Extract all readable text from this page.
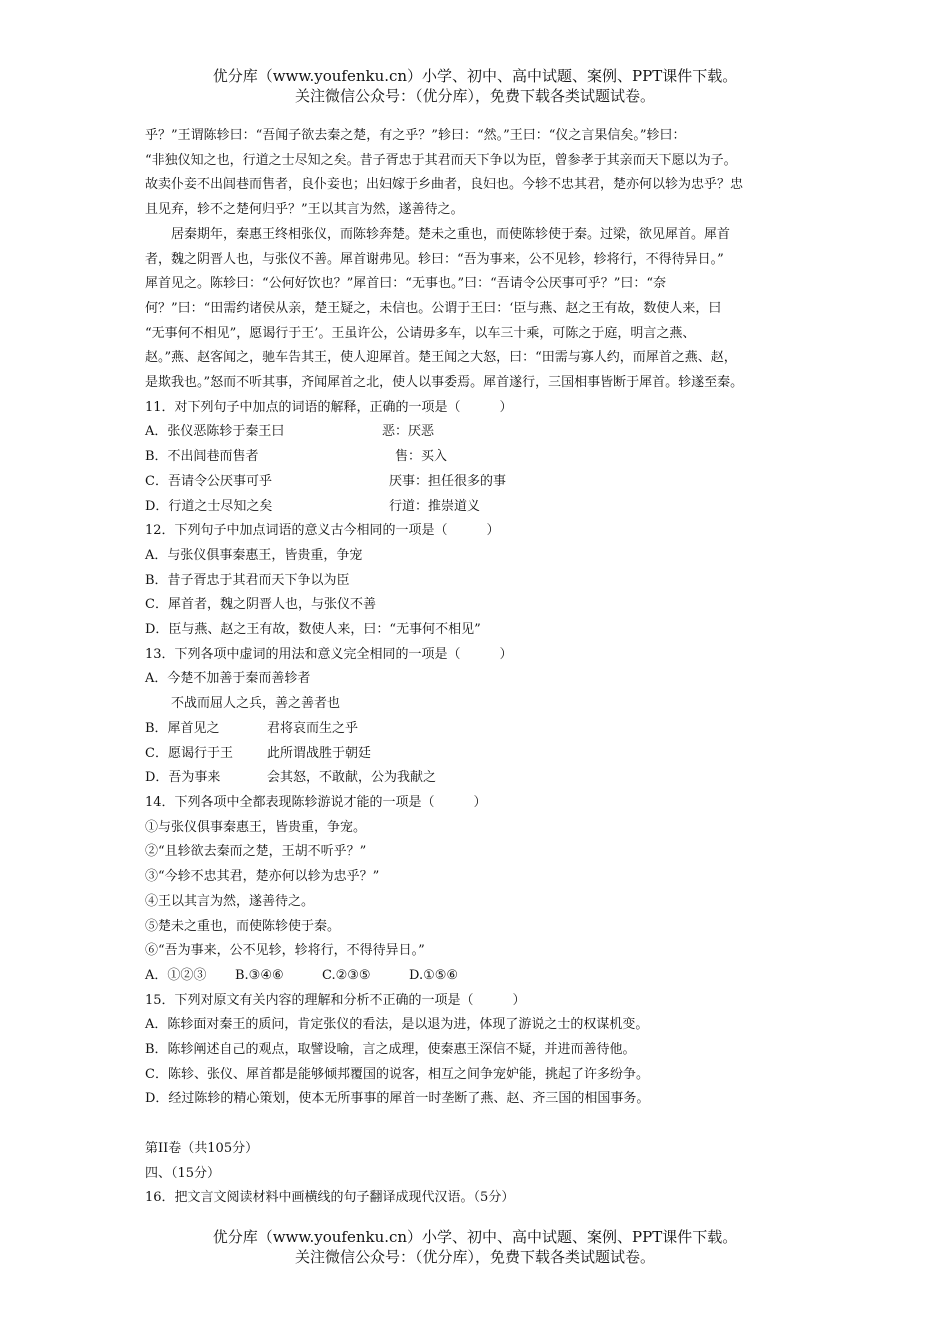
优分库（www.youfenku.cn）小学、初中、高中试题、案例、PPT课件下载。
关注微信公众号：（优分库），免费下载各类试题试卷。
乎？”王谓陈轸曰：“吾闻子欲去秦之楚，有之乎？”轸曰：“然。”王曰：“仪之言果信矣。”轸曰：
“非独仪知之也，行道之士尽知之矣。昔子胥忠于其君而天下争以为臣，曾参孝于其亲而天下愿以为子。
故卖仆妾不出闾巷而售者，良仆妾也；出妇嫁于乡曲者，良妇也。今轸不忠其君，楚亦何以轸为忠乎？忠
且见弃，轸不之楚何归乎？”王以其言为然，遂善待之。
居秦期年，秦惠王终相张仪，而陈轸奔楚。楚未之重也，而使陈轸使于秦。过梁，欲见犀首。犀首
者，魏之阴晋人也，与张仪不善。犀首谢弗见。轸曰：“吾为事来，公不见轸，轸将行，不得待异日。”
犀首见之。陈轸曰：“公何好饮也？”犀首曰：“无事也。”曰：“吾请令公厌事可乎？”曰：“奈
何？”曰：“田需约诸侯从亲，楚王疑之，未信也。公谓于王曰：‘臣与燕、赵之王有故，数使人来，曰
“无事何不相见”，愿谒行于王’。王虽许公，公请毋多车，以车三十乘，可陈之于庭，明言之燕、
赵。”燕、赵客闻之，驰车告其王，使人迎犀首。楚王闻之大怒，曰：“田需与寡人约，而犀首之燕、赵，
是欺我也。”怒而不听其事，齐闻犀首之北，使人以事委焉。犀首遂行，三国相事皆断于犀首。轸遂至秦。
11．对下列句子中加点的词语的解释，正确的一项是（　　　）
A．张仪恶陈轸于秦王曰	恶：厌恶
B．不出闾巷而售者	售：买入
C．吾请令公厌事可乎	厌事：担任很多的事
D．行道之士尽知之矣	行道：推崇道义
12．下列句子中加点词语的意义古今相同的一项是（　　　）
A．与张仪俱事秦惠王，皆贵重，争宠
B．昔子胥忠于其君而天下争以为臣
C．犀首者，魏之阴晋人也，与张仪不善
D．臣与燕、赵之王有故，数使人来，曰：“无事何不相见”
13．下列各项中虚词的用法和意义完全相同的一项是（　　　）
A．今楚不加善于秦而善轸者
不战而屈人之兵，善之善者也
B．犀首见之	君将哀而生之乎
C．愿谒行于王	此所谓战胜于朝廷
D．吾为事来	会其怒，不敢献，公为我献之
14．下列各项中全都表现陈轸游说才能的一项是（　　　）
①与张仪俱事秦惠王，皆贵重，争宠。
②“且轸欲去秦而之楚，王胡不听乎？”
③“今轸不忠其君，楚亦何以轸为忠乎？”
④王以其言为然，遂善待之。
⑤楚未之重也，而使陈轸使于秦。
⑥“吾为事来，公不见轸，轸将行，不得待异日。”
A．①②③ B.③④⑥	C.②③⑤	D.①⑤⑥
15．下列对原文有关内容的理解和分析不正确的一项是（　　　）
A．陈轸面对秦王的质问，肯定张仪的看法，是以退为进，体现了游说之士的权谋机变。
B．陈轸阐述自己的观点，取譬设喻，言之成理，使秦惠王深信不疑，并进而善待他。
C．陈轸、张仪、犀首都是能够倾邦覆国的说客，相互之间争宠妒能，挑起了许多纷争。
D．经过陈轸的精心策划，使本无所事事的犀首一时垄断了燕、赵、齐三国的相国事务。
第II卷（共105分）
四、（15分）
16．把文言文阅读材料中画横线的句子翻译成现代汉语。（5分）
优分库（www.youfenku.cn）小学、初中、高中试题、案例、PPT课件下载。
关注微信公众号：（优分库），免费下载各类试题试卷。
